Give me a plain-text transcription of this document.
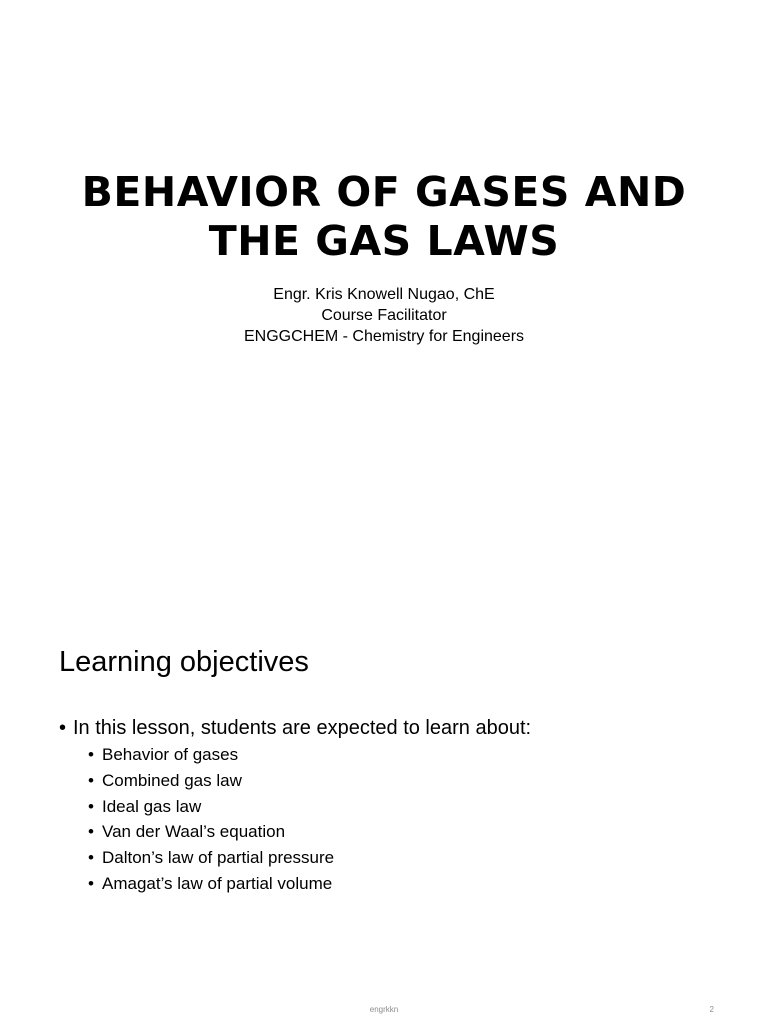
BEHAVIOR OF GASES AND
THE GAS LAWS
Engr. Kris Knowell Nugao, ChE
Course Facilitator
ENGGCHEM - Chemistry for Engineers
Learning objectives
• In this lesson, students are expected to learn about:
• Behavior of gases
• Combined gas law
• Ideal gas law
• Van der Waal’s equation
• Dalton’s law of partial pressure
• Amagat’s law of partial volume
engrkkn	2
